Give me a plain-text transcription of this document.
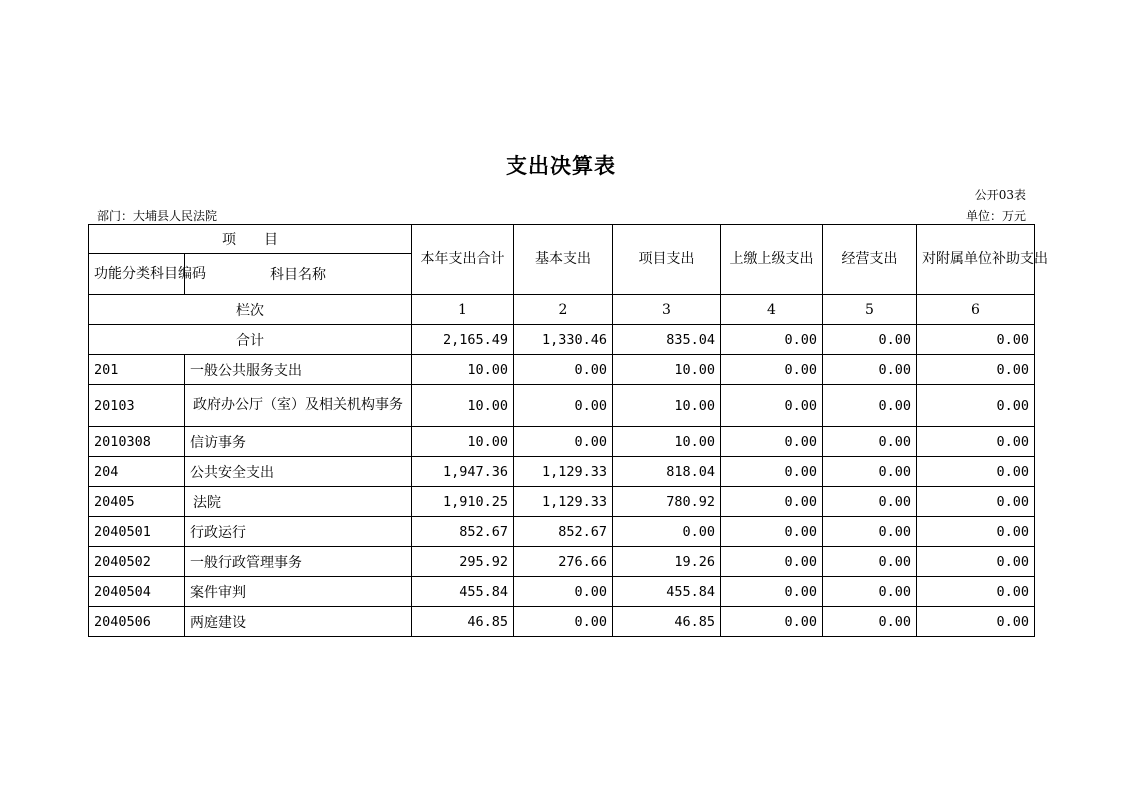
支出决算表
公开03表
部门：大埔县人民法院	单位：万元
项　　目		本年支出合计	基本支出	项目支出	上缴上级支出	经营支出	对附属单位补助支出
功能分类科目编码	科目名称						
栏次		1	2	3	4	5	6
合计		2,165.49	1,330.46	835.04	0.00	0.00	0.00
201	一般公共服务支出	10.00	0.00	10.00	0.00	0.00	0.00
20103	政府办公厅（室）及相关机构事务	10.00	0.00	10.00	0.00	0.00	0.00
2010308	信访事务	10.00	0.00	10.00	0.00	0.00	0.00
204	公共安全支出	1,947.36	1,129.33	818.04	0.00	0.00	0.00
20405	法院	1,910.25	1,129.33	780.92	0.00	0.00	0.00
2040501	行政运行	852.67	852.67	0.00	0.00	0.00	0.00
2040502	一般行政管理事务	295.92	276.66	19.26	0.00	0.00	0.00
2040504	案件审判	455.84	0.00	455.84	0.00	0.00	0.00
2040506	两庭建设	46.85	0.00	46.85	0.00	0.00	0.00
